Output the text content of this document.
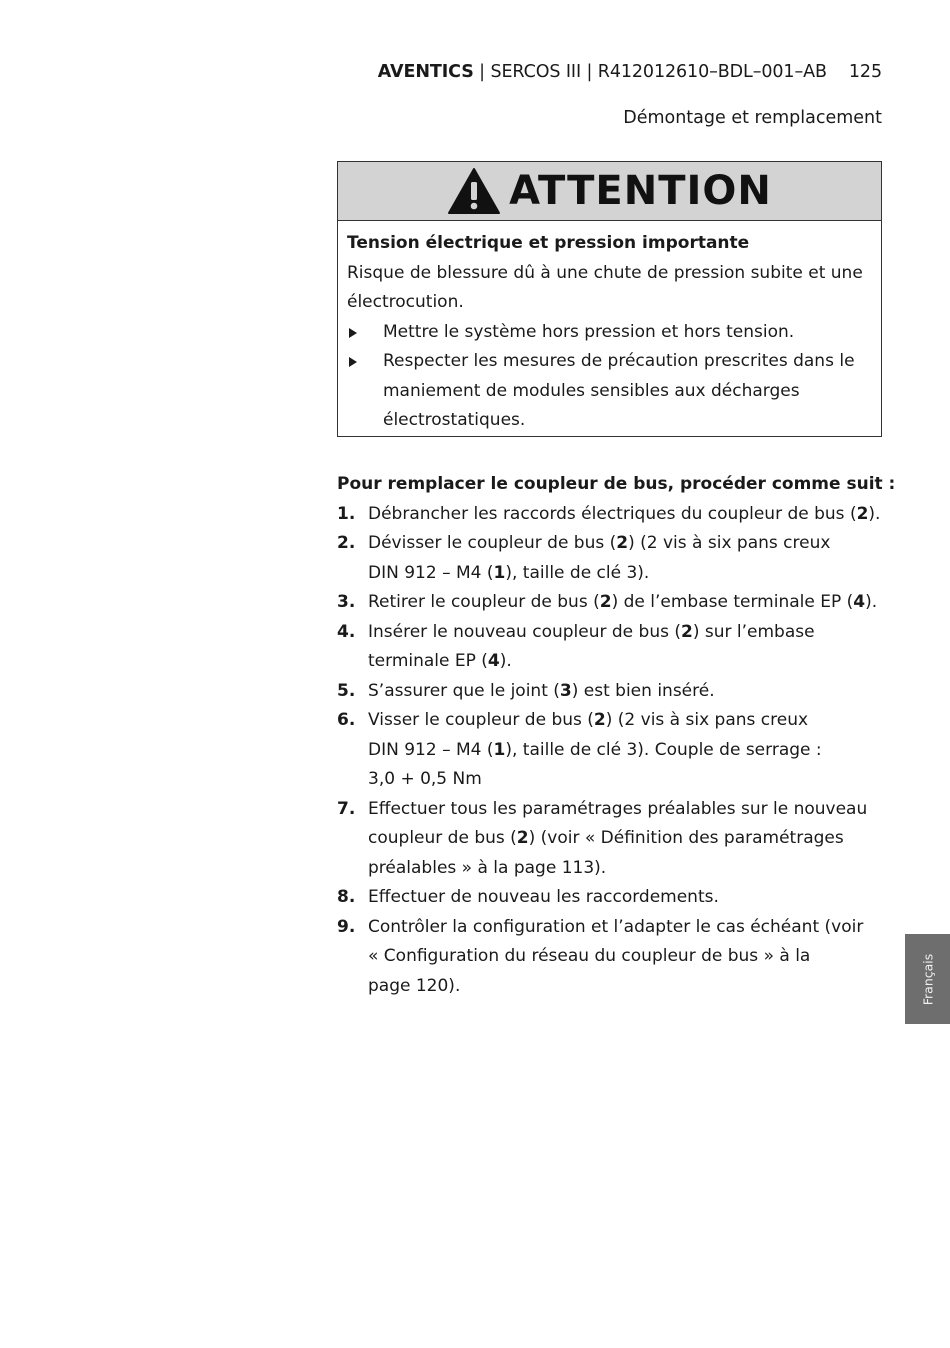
AVENTICS | SERCOS III | R412012610–BDL–001–AB 125
Démontage et remplacement
ATTENTION
Tension électrique et pression importante
Risque de blessure dû à une chute de pression subite et une électrocution.
Mettre le système hors pression et hors tension.
Respecter les mesures de précaution prescrites dans le maniement de modules sensibles aux décharges électrostatiques.
Pour remplacer le coupleur de bus, procéder comme suit :
1. Débrancher les raccords électriques du coupleur de bus (2).
2. Dévisser le coupleur de bus (2) (2 vis à six pans creux
DIN 912 – M4 (1), taille de clé 3).
3. Retirer le coupleur de bus (2) de l’embase terminale EP (4).
4. Insérer le nouveau coupleur de bus (2) sur l’embase
terminale EP (4).
5. S’assurer que le joint (3) est bien inséré.
6. Visser le coupleur de bus (2) (2 vis à six pans creux
DIN 912 – M4 (1), taille de clé 3). Couple de serrage :
3,0 + 0,5 Nm
7. Effectuer tous les paramétrages préalables sur le nouveau
coupleur de bus (2) (voir « Définition des paramétrages
préalables » à la page 113).
8. Effectuer de nouveau les raccordements.
9. Contrôler la configuration et l’adapter le cas échéant (voir
« Configuration du réseau du coupleur de bus » à la
page 120).	Français
